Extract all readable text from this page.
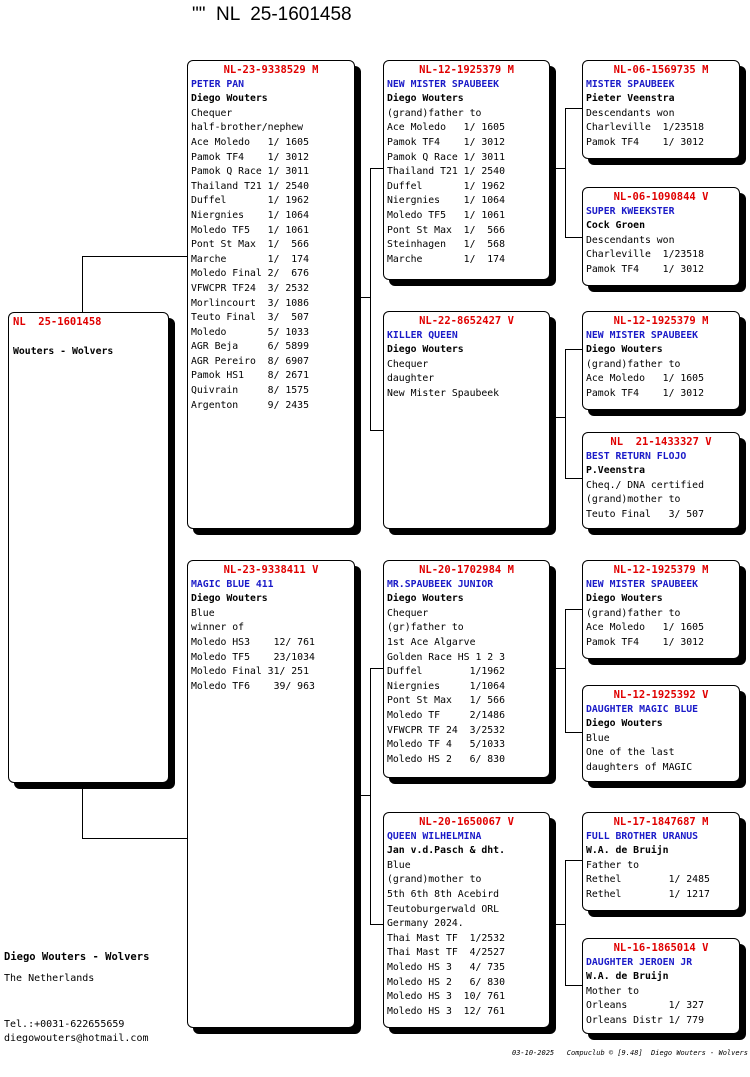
""  NL  25-1601458
NL  25-1601458
Wouters - Wolvers
NL-23-9338529 M
PETER PAN
Diego Wouters
Chequer
half-brother/nephew
Ace Moledo   1/ 1605
Pamok TF4    1/ 3012
Pamok Q Race 1/ 3011
Thailand T21 1/ 2540
Duffel       1/ 1962
Niergnies    1/ 1064
Moledo TF5   1/ 1061
Pont St Max  1/  566
Marche       1/  174
Moledo Final 2/  676
VFWCPR TF24  3/ 2532
Morlincourt  3/ 1086
Teuto Final  3/  507
Moledo       5/ 1033
AGR Beja     6/ 5899
AGR Pereiro  8/ 6907
Pamok HS1    8/ 2671
Quivrain     8/ 1575
Argenton     9/ 2435
NL-23-9338411 V
MAGIC BLUE 411
Diego Wouters
Blue
winner of
Moledo HS3    12/ 761
Moledo TF5    23/1034
Moledo Final 31/ 251
Moledo TF6    39/ 963
NL-12-1925379 M
NEW MISTER SPAUBEEK
Diego Wouters
(grand)father to
Ace Moledo   1/ 1605
Pamok TF4    1/ 3012
Pamok Q Race 1/ 3011
Thailand T21 1/ 2540
Duffel       1/ 1962
Niergnies    1/ 1064
Moledo TF5   1/ 1061
Pont St Max  1/  566
Steinhagen   1/  568
Marche       1/  174
NL-22-8652427 V
KILLER QUEEN
Diego Wouters
Chequer
daughter
New Mister Spaubeek
NL-20-1702984 M
MR.SPAUBEEK JUNIOR
Diego Wouters
Chequer
(gr)father to
1st Ace Algarve
Golden Race HS 1 2 3
Duffel        1/1962
Niergnies     1/1064
Pont St Max   1/ 566
Moledo TF     2/1486
VFWCPR TF 24  3/2532
Moledo TF 4   5/1033
Moledo HS 2   6/ 830
NL-20-1650067 V
QUEEN WILHELMINA
Jan v.d.Pasch & dht.
Blue
(grand)mother to
5th 6th 8th Acebird
Teutoburgerwald ORL
Germany 2024.
Thai Mast TF  1/2532
Thai Mast TF  4/2527
Moledo HS 3   4/ 735
Moledo HS 2   6/ 830
Moledo HS 3  10/ 761
Moledo HS 3  12/ 761
NL-06-1569735 M
MISTER SPAUBEEK
Pieter Veenstra
Descendants won
Charleville  1/23518
Pamok TF4    1/ 3012
NL-06-1090844 V
SUPER KWEEKSTER
Cock Groen
Descendants won
Charleville  1/23518
Pamok TF4    1/ 3012
NL-12-1925379 M
NEW MISTER SPAUBEEK
Diego Wouters
(grand)father to
Ace Moledo   1/ 1605
Pamok TF4    1/ 3012
NL  21-1433327 V
BEST RETURN FLOJO
P.Veenstra
Cheq./ DNA certified
(grand)mother to
Teuto Final   3/ 507
NL-12-1925379 M
NEW MISTER SPAUBEEK
Diego Wouters
(grand)father to
Ace Moledo   1/ 1605
Pamok TF4    1/ 3012
NL-12-1925392 V
DAUGHTER MAGIC BLUE
Diego Wouters
Blue
One of the last
daughters of MAGIC
NL-17-1847687 M
FULL BROTHER URANUS
W.A. de Bruijn
Father to
Rethel        1/ 2485
Rethel        1/ 1217
NL-16-1865014 V
DAUGHTER JEROEN JR
W.A. de Bruijn
Mother to
Orleans       1/ 327
Orleans Distr 1/ 779
Diego Wouters - Wolvers
The Netherlands
Tel.:+0031-622655659
diegowouters@hotmail.com
03-10-2025   Compuclub © [9.48]  Diego Wouters - Wolvers
